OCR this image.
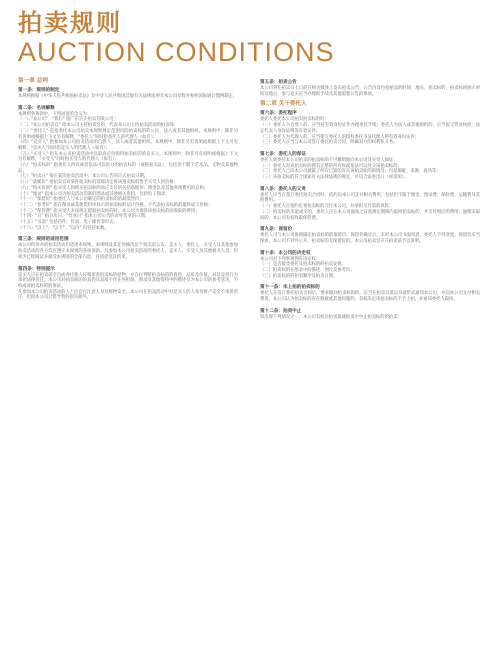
拍卖规则
AUCTION CONDITIONS
第一章 总则
第一条：规则的制定
本规则根据《中华人民共和国拍卖法》及中华人民共和国其他有关法律法规及本公司章程并参照国际通行惯例制定。
第二条：名词解释
本规则各条款中，下列词语的含义为：
（一）"本公司"、"我们" 指广东崇正拍卖有限公司；
（二）"本公司拍卖官" 指本公司主持拍卖会的、代表本公司主持拍卖活动的拍卖师；
（三）"委托人" 是指委托本公司拍卖本规则规定范围内的拍卖标的的公民、法人或者其他组织。本规则中，除非另有说明或根据上下文另有解释，"委托人"同时指委托人的代理人（如有）；
（四）"竞买人" 指参加本公司拍卖活动的自然人、法人或者其他组织。本规则中，除非另有说明或根据上下文另有解释，"竞买人"同时指竞买人的代理人（如有）；
（五）"买受人" 指在本公司拍卖活动中以最高应价购得拍卖标的的竞买人。本规则中，除非另有说明或根据上下文另有解释，"买受人"同时指买受人的代理人（如有）；
（六）"拍卖标的" 指委托人所有或者依法可以处分的拍卖标的（或称拍卖品），包括但不限于艺术品、文物及其他物品；
（七）"拍卖日" 指在某次拍卖活动中，本公司公告的正式拍卖日期；
（八）"落槌价" 指拍卖官对某件拍卖标的落槌决定将该拍卖标的售予买受人的价格；
（九）"购买价款" 指买受人因购买拍卖标的而应支付的包括落槌价、佣金以及其他各项费用的总和；
（十）"图录" 指本公司为拍卖活动印制的图录或其他相关资料，包括电子图录；
（十一）"保留价" 指委托人与本公司确定的拍卖标的的最低售价；
（十二）"参考价" 指在图录或其他资料中标示的拍卖标的估计价格，不代表拍卖标的的最终成交价格；
（十三）"保管费" 指买受人未按规定提取拍卖标的时，本公司为保管该拍卖标的而收取的费用；
（十四）"日" 指日历日；"营业日" 指本公司公告的对外营业的日期；
（十五）"书面" 包括信件、传真、电子邮件等形式；
（十六）"以上"、"以下"、"以内" 均包括本数。
第三条：规则的适用范围
本公司所举办的拍卖活动均适用本规则。本规则及其任何修改应于拍卖前公布。竞买人、委托人、买受人及其他参加拍卖活动的各方均应遵守本规则的各项条款。凡参加本公司拍卖活动的委托人、竞买人、买受人及其他相关人员，均视为已经阅读并接受本规则的全部内容，并同意受其约束。
第四条：特别提示
竞买人应在拍卖前亲自或委托他人仔细审查拍卖标的原物，并自行判断拍卖标的的真伪、品质及价值，对其竞投行为承担法律责任。本公司对拍卖标的的真伪及品质不作任何担保。图录及其他资料中的描述仅为本公司的参考意见，不构成对拍卖标的的保证。
凡参加本公司拍卖活动的人士应自行注意人身及财物安全。本公司在拍卖活动中对竞买人的人身及财产安全不承担责任，但因本公司过错导致的损失除外。
第五条：拍卖公告
本公司将在拍卖日七日前在相关媒体上发布拍卖公告，公告内容包括拍卖的时间、地点、拍卖标的、拍卖标的展示时间及地点、参与竞买应当办理的手续及其他需要公告的事项。
第二章 关于委托人
第六条：委托程序
委托人委托本公司拍卖拍卖标的时：
（一）委托人为自然人的，应当持有效身份证件办理委托手续；委托人为法人或其他组织的，应当提交营业执照、法定代表人身份证明等有效证件；
（二）委托人为代理人的，应当提交委托人的授权委托书及代理人的有效身份证件；
（三）委托人应当与本公司签订委托拍卖合同，明确双方的权利和义务。
第七条：委托人的保证
委托人就委托本公司拍卖的拍卖标的不可撤销地向本公司及买受人保证：
（一）委托人对该拍卖标的拥有完整的所有权或依法可以处分该拍卖标的；
（二）委托人已向本公司披露了所有已知的有关该拍卖标的的情况，包括瑕疵、来源、真伪等；
（三）该拍卖标的符合国家有关法律法规的规定，可以合法进出口（如适用）。
第八条：委托人的义务
委托人应当在签订委托拍卖合同时，依约向本公司支付相关费用，包括但不限于佣金、图录费、保险费、运输费及其他费用。
（一）委托人应按约定将拍卖标的交付本公司，并承担交付前的风险；
（二）拍卖标的未能成交的，委托人应在本公司通知之日起规定期限内取回拍卖标的，并支付相应的费用；逾期未取回的，本公司有权收取保管费。
第九条：保留价
委托人可与本公司协商确定拍卖标的的保留价。保留价确定后，未经本公司书面同意，委托人不得变更。保留价应当保密，本公司不对外公开。拍卖标的无保留价的，本公司拍卖官应在拍卖前予以说明。
第十条：本公司的决定权
本公司对下列事项拥有决定权：
（一）是否接受委托及拍卖标的的拍卖安排；
（二）拍卖标的在图录中的描述、图片及参考价；
（三）拍卖标的的拍卖顺序及拍卖日期。
第十一条：未上拍的拍卖标的
委托人在签订委托拍卖合同后，要求撤回拍卖标的的，应当在拍卖日前以书面形式通知本公司，并向本公司支付相关费用。本公司认为拍卖标的存在瑕疵或其他问题的，有权决定该拍卖标的不予上拍，并通知委托人取回。
第十二条：拍卖中止
如出现下列情况之一，本公司有权在拍卖前或拍卖中中止拍卖标的的拍卖：
